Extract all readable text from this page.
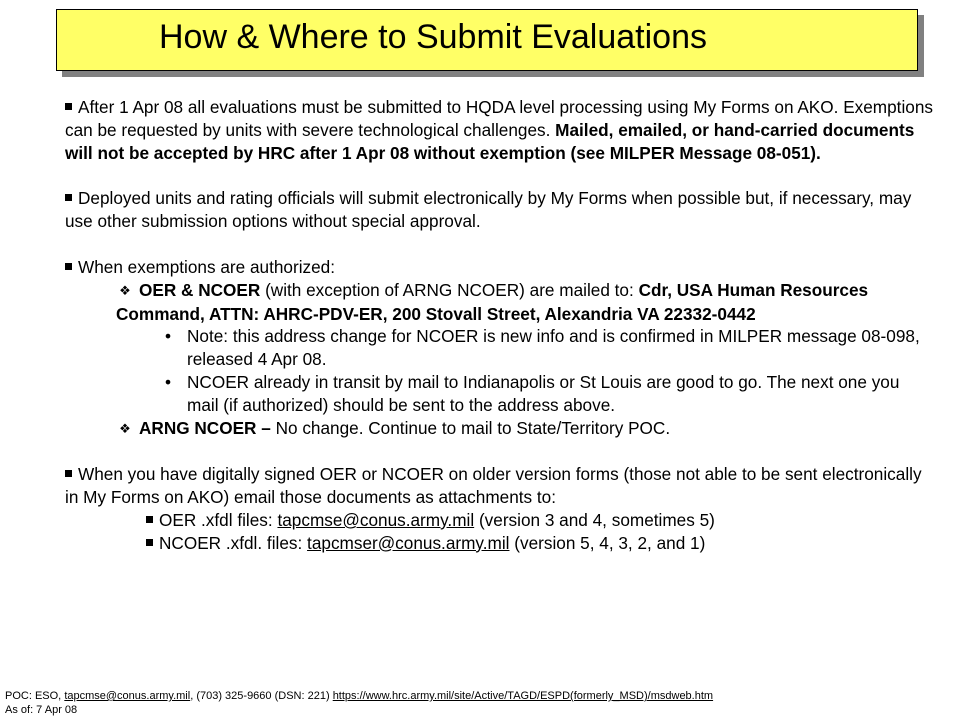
How & Where to Submit Evaluations

After 1 Apr 08 all evaluations must be submitted to HQDA level processing using My Forms on AKO. Exemptions can be requested by units with severe technological challenges. Mailed, emailed, or hand-carried documents will not be accepted by HRC after 1 Apr 08 without exemption (see MILPER Message 08-051).

Deployed units and rating officials will submit electronically by My Forms when possible but, if necessary, may use other submission options without special approval.

When exemptions are authorized:

❖ OER & NCOER (with exception of ARNG NCOER) are mailed to: Cdr, USA Human Resources Command, ATTN: AHRC-PDV-ER, 200 Stovall Street, Alexandria VA 22332-0442

• Note: this address change for NCOER is new info and is confirmed in MILPER message 08-098, released 4 Apr 08.

• NCOER already in transit by mail to Indianapolis or St Louis are good to go. The next one you mail (if authorized) should be sent to the address above.

❖ ARNG NCOER – No change. Continue to mail to State/Territory POC.

When you have digitally signed OER or NCOER on older version forms (those not able to be sent electronically in My Forms on AKO) email those documents as attachments to:

OER .xfdl files: tapcmse@conus.army.mil (version 3 and 4, sometimes 5)

NCOER .xfdl. files: tapcmser@conus.army.mil (version 5, 4, 3, 2, and 1)

POC: ESO, tapcmse@conus.army.mil, (703) 325-9660 (DSN: 221) https://www.hrc.army.mil/site/Active/TAGD/ESPD(formerly_MSD)/msdweb.htm
As of: 7 Apr 08
